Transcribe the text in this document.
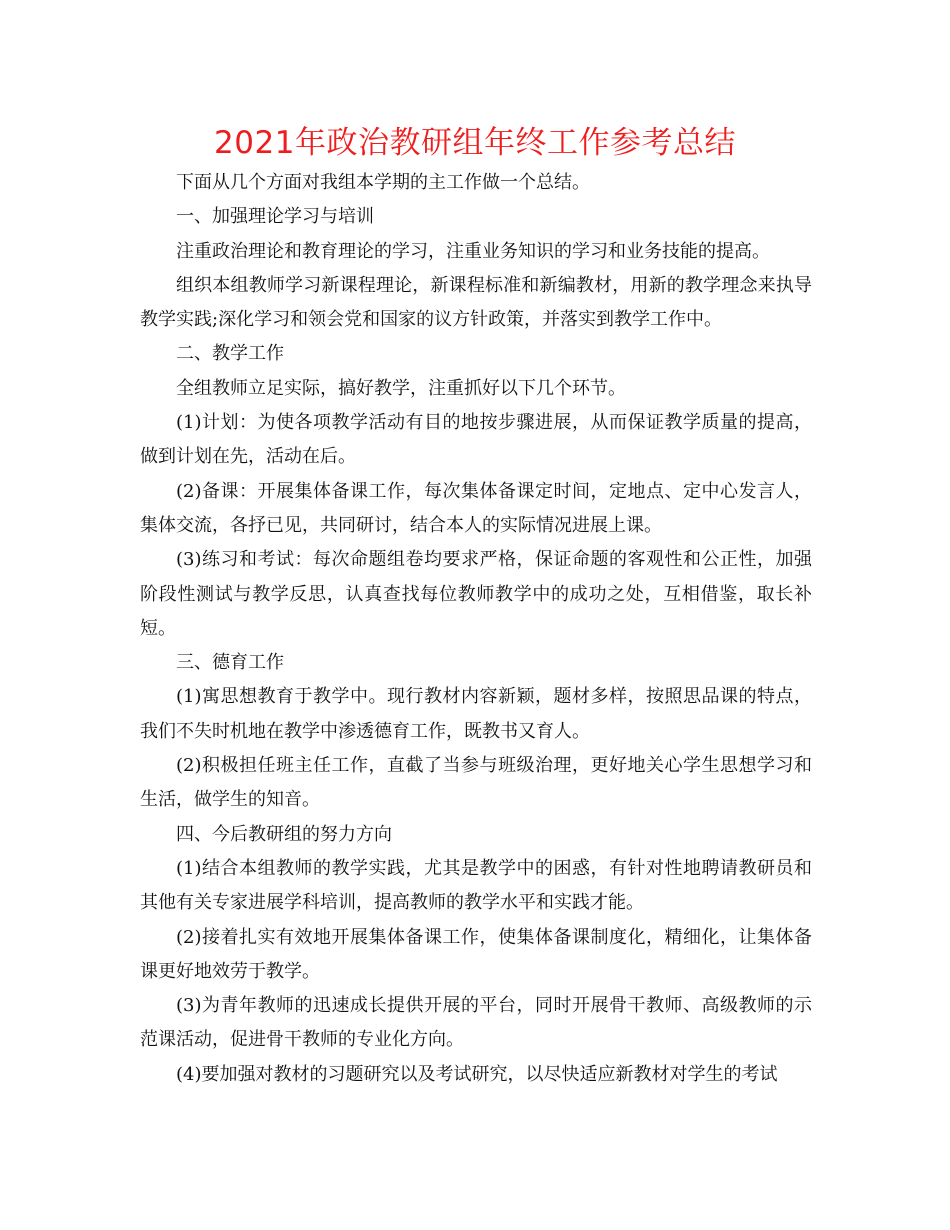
2021年政治教研组年终工作参考总结

下面从几个方面对我组本学期的主工作做一个总结。

一、加强理论学习与培训

注重政治理论和教育理论的学习，注重业务知识的学习和业务技能的提高。

组织本组教师学习新课程理论，新课程标准和新编教材，用新的教学理念来执导教学实践;深化学习和领会党和国家的议方针政策，并落实到教学工作中。

二、教学工作

全组教师立足实际，搞好教学，注重抓好以下几个环节。

(1)计划：为使各项教学活动有目的地按步骤进展，从而保证教学质量的提高，做到计划在先，活动在后。

(2)备课：开展集体备课工作，每次集体备课定时间，定地点、定中心发言人，集体交流，各抒已见，共同研讨，结合本人的实际情况进展上课。

(3)练习和考试：每次命题组卷均要求严格，保证命题的客观性和公正性，加强阶段性测试与教学反思，认真查找每位教师教学中的成功之处，互相借鉴，取长补短。

三、德育工作

(1)寓思想教育于教学中。现行教材内容新颖，题材多样，按照思品课的特点，我们不失时机地在教学中渗透德育工作，既教书又育人。

(2)积极担任班主任工作，直截了当参与班级治理，更好地关心学生思想学习和生活，做学生的知音。

四、今后教研组的努力方向

(1)结合本组教师的教学实践，尤其是教学中的困惑，有针对性地聘请教研员和其他有关专家进展学科培训，提高教师的教学水平和实践才能。

(2)接着扎实有效地开展集体备课工作，使集体备课制度化，精细化，让集体备课更好地效劳于教学。

(3)为青年教师的迅速成长提供开展的平台，同时开展骨干教师、高级教师的示范课活动，促进骨干教师的专业化方向。

(4)要加强对教材的习题研究以及考试研究，以尽快适应新教材对学生的考试
